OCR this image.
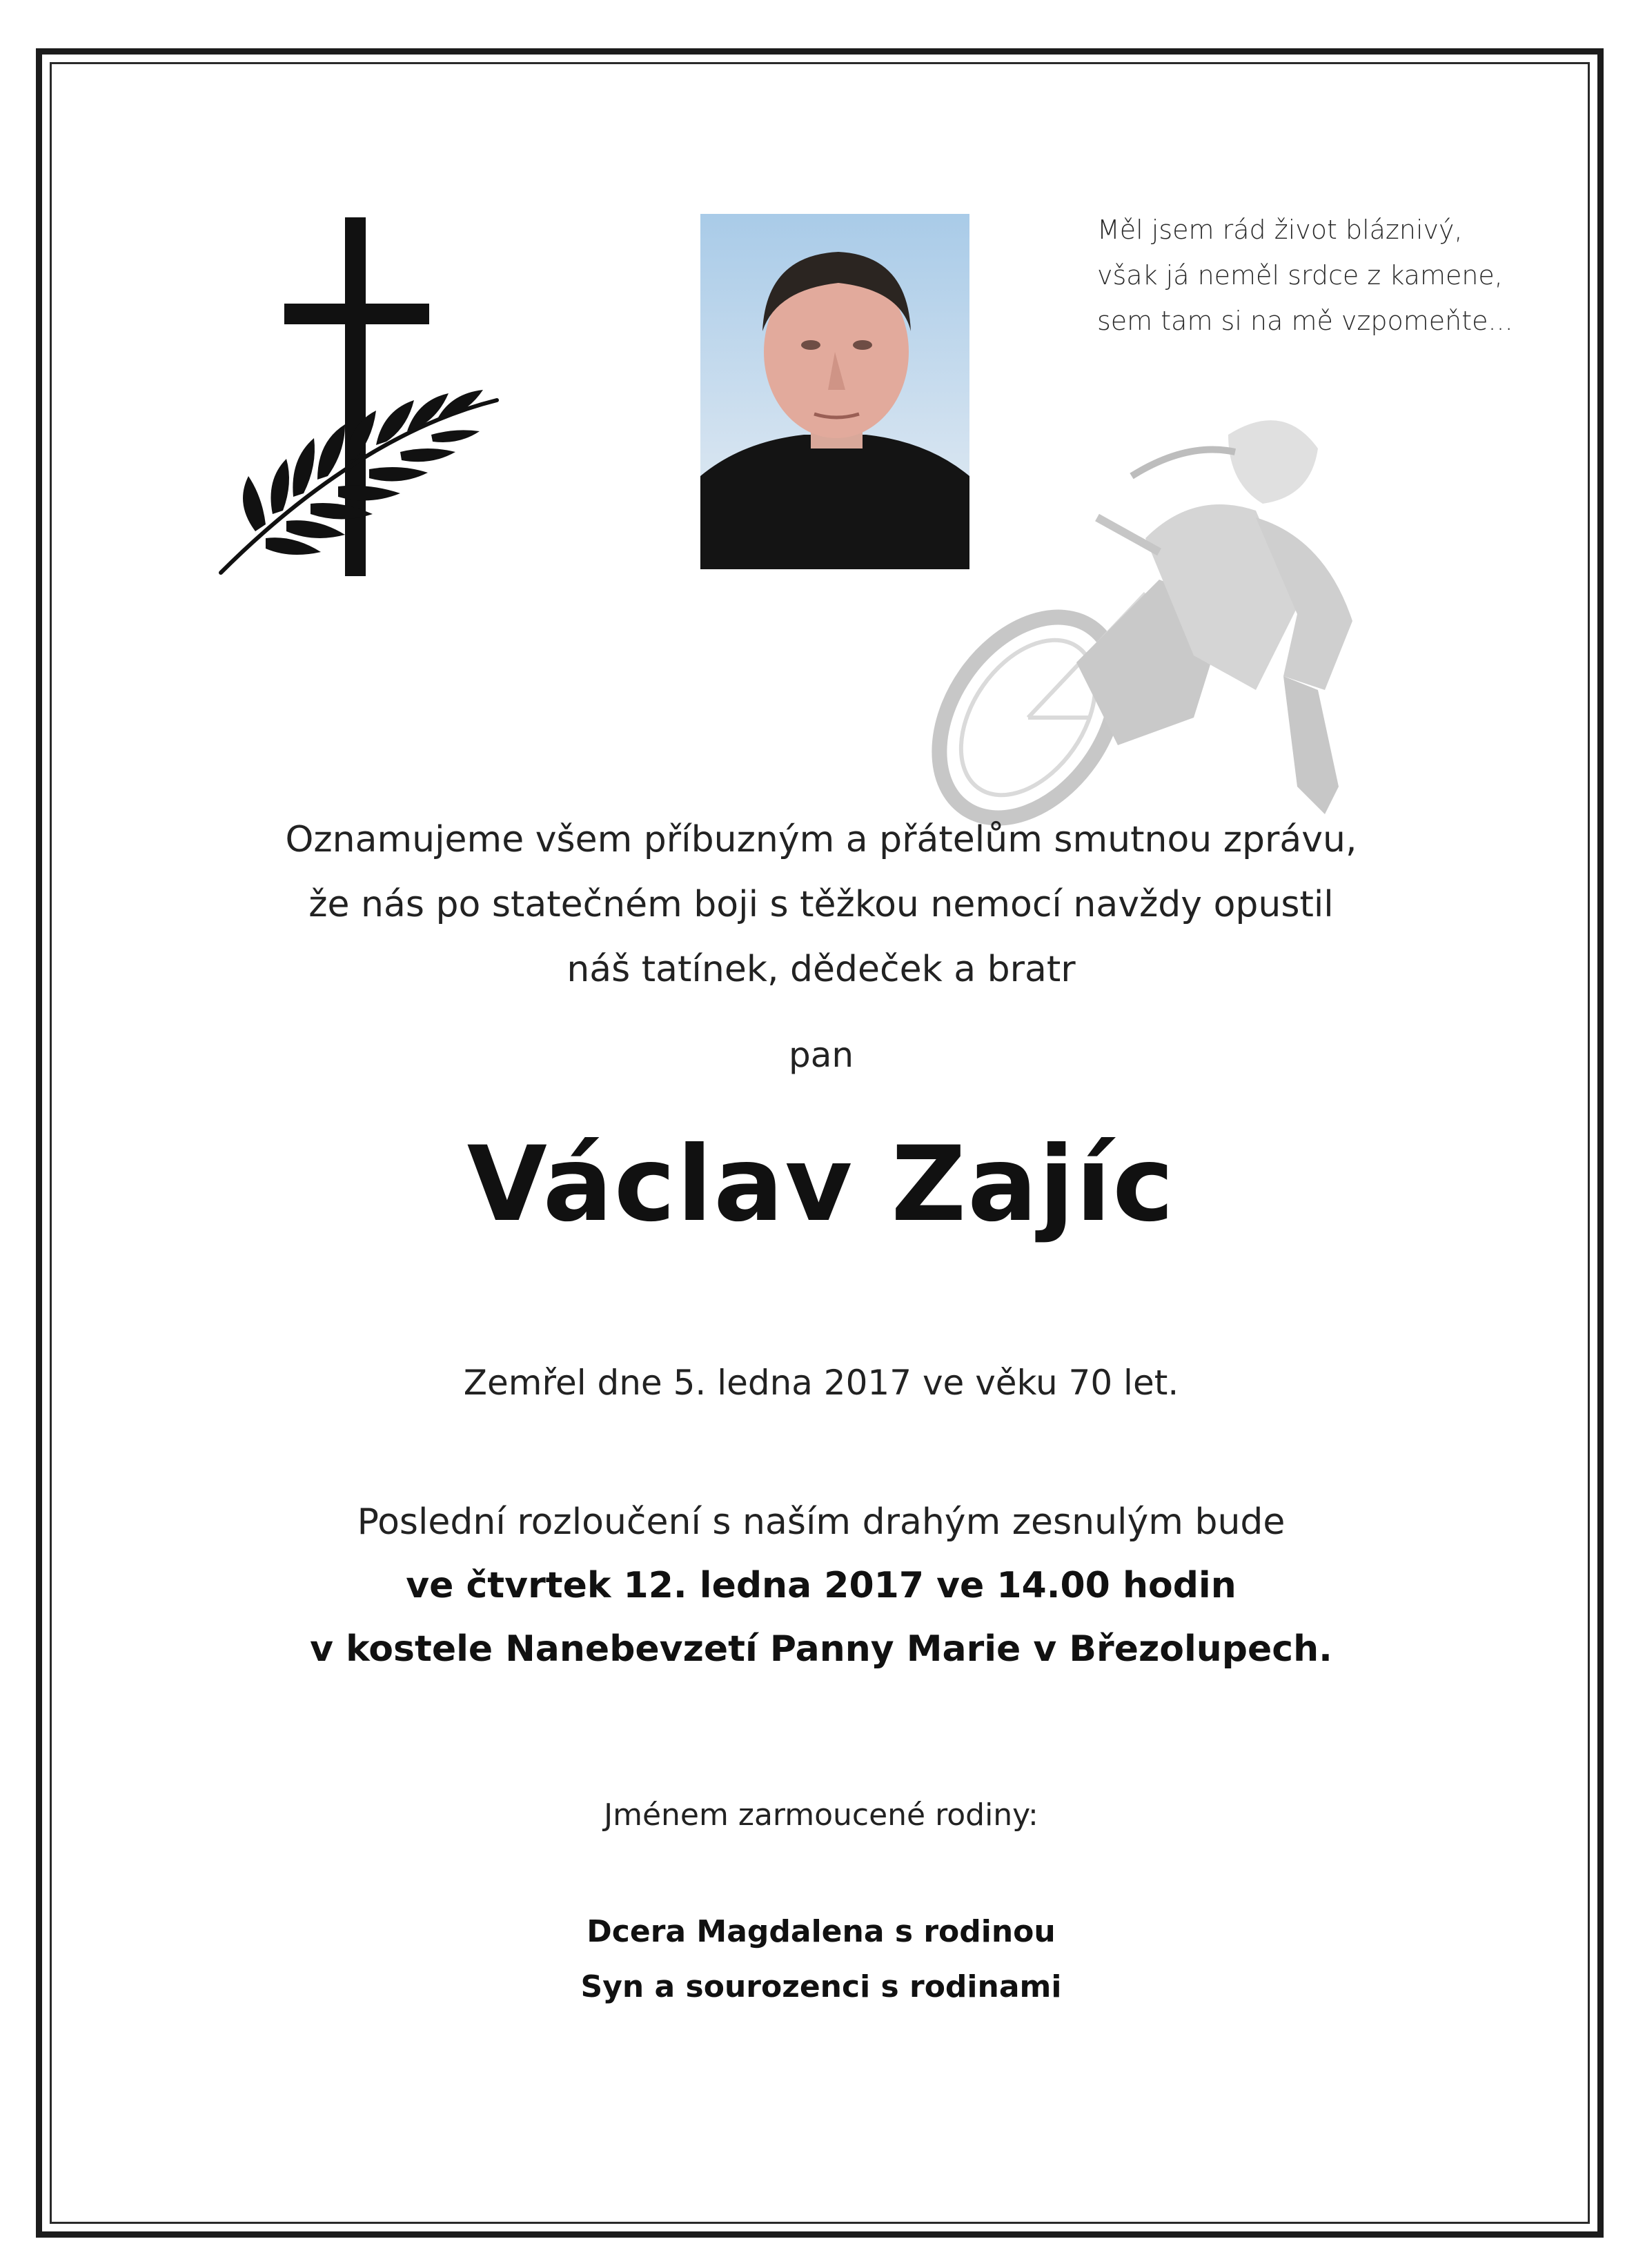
Měl jsem rád život bláznivý,
však já neměl srdce z kamene,
sem tam si na mě vzpomeňte...
Oznamujeme všem příbuzným a přátelům smutnou zprávu,
že nás po statečném boji s těžkou nemocí navždy opustil
náš tatínek, dědeček a bratr
pan
Václav Zajíc
Zemřel dne 5. ledna 2017 ve věku 70 let.
Poslední rozloučení s naším drahým zesnulým bude
ve čtvrtek 12. ledna 2017 ve 14.00 hodin
v kostele Nanebevzetí Panny Marie v Březolupech.
Jménem zarmoucené rodiny:
Dcera Magdalena s rodinou
Syn a sourozenci s rodinami
